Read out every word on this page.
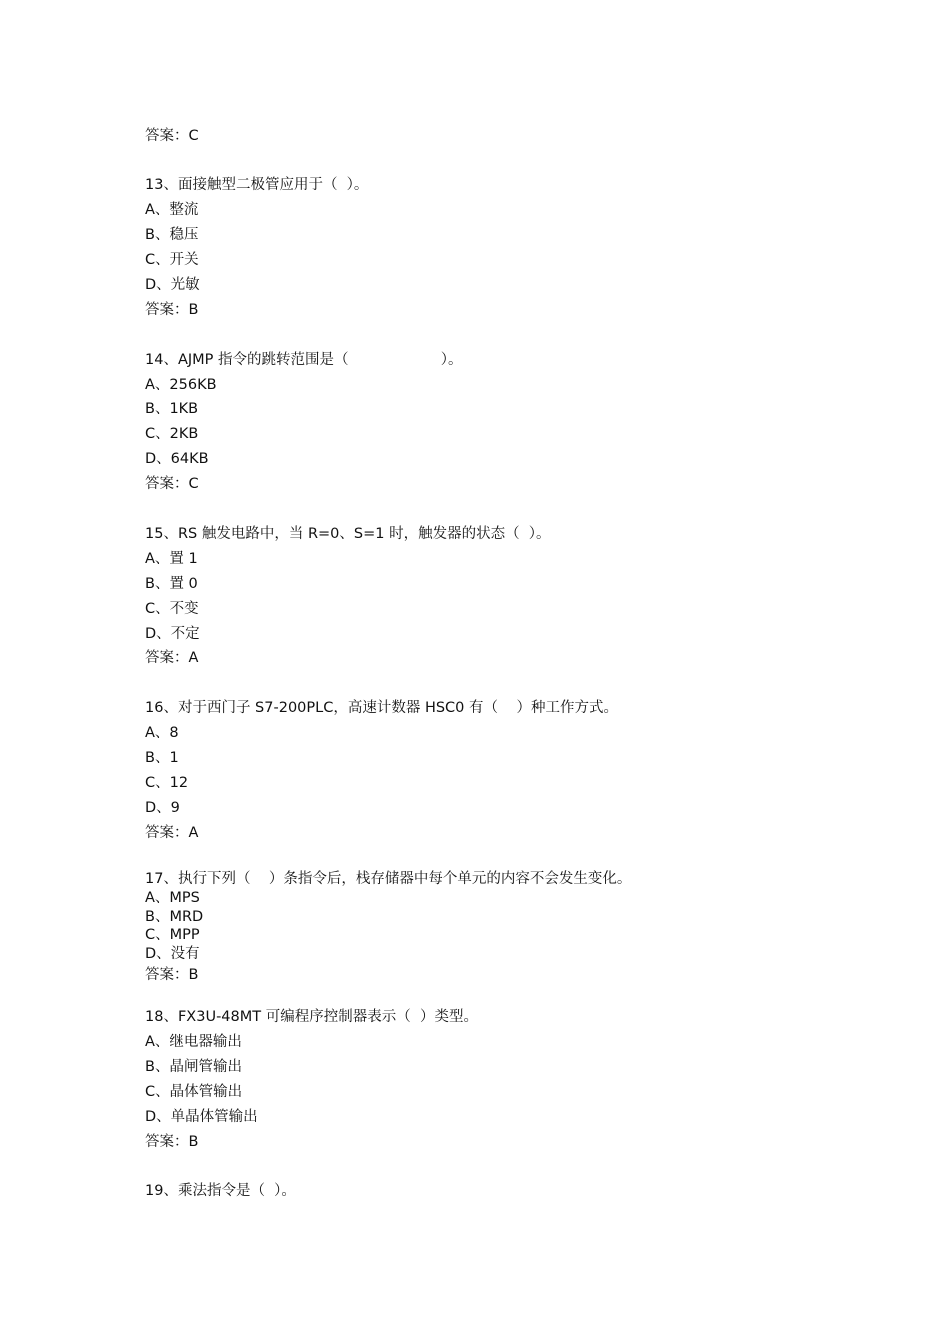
答案：C
13、面接触型二极管应用于（  ）。
A、整流
B、稳压
C、开关
D、光敏
答案：B
14、AJMP 指令的跳转范围是（                    ）。
A、256KB
B、1KB
C、2KB
D、64KB
答案：C
15、RS 触发电路中，当 R=0、S=1 时，触发器的状态（  ）。
A、置 1
B、置 0
C、不变
D、不定
答案：A
16、对于西门子 S7-200PLC，高速计数器 HSC0 有（    ）种工作方式。
A、8
B、1
C、12
D、9
答案：A
17、执行下列（    ）条指令后，栈存储器中每个单元的内容不会发生变化。
A、MPS
B、MRD
C、MPP
D、没有
答案：B
18、FX3U-48MT 可编程序控制器表示（  ）类型。
A、继电器输出
B、晶闸管输出
C、晶体管输出
D、单晶体管输出
答案：B
19、乘法指令是（  ）。
